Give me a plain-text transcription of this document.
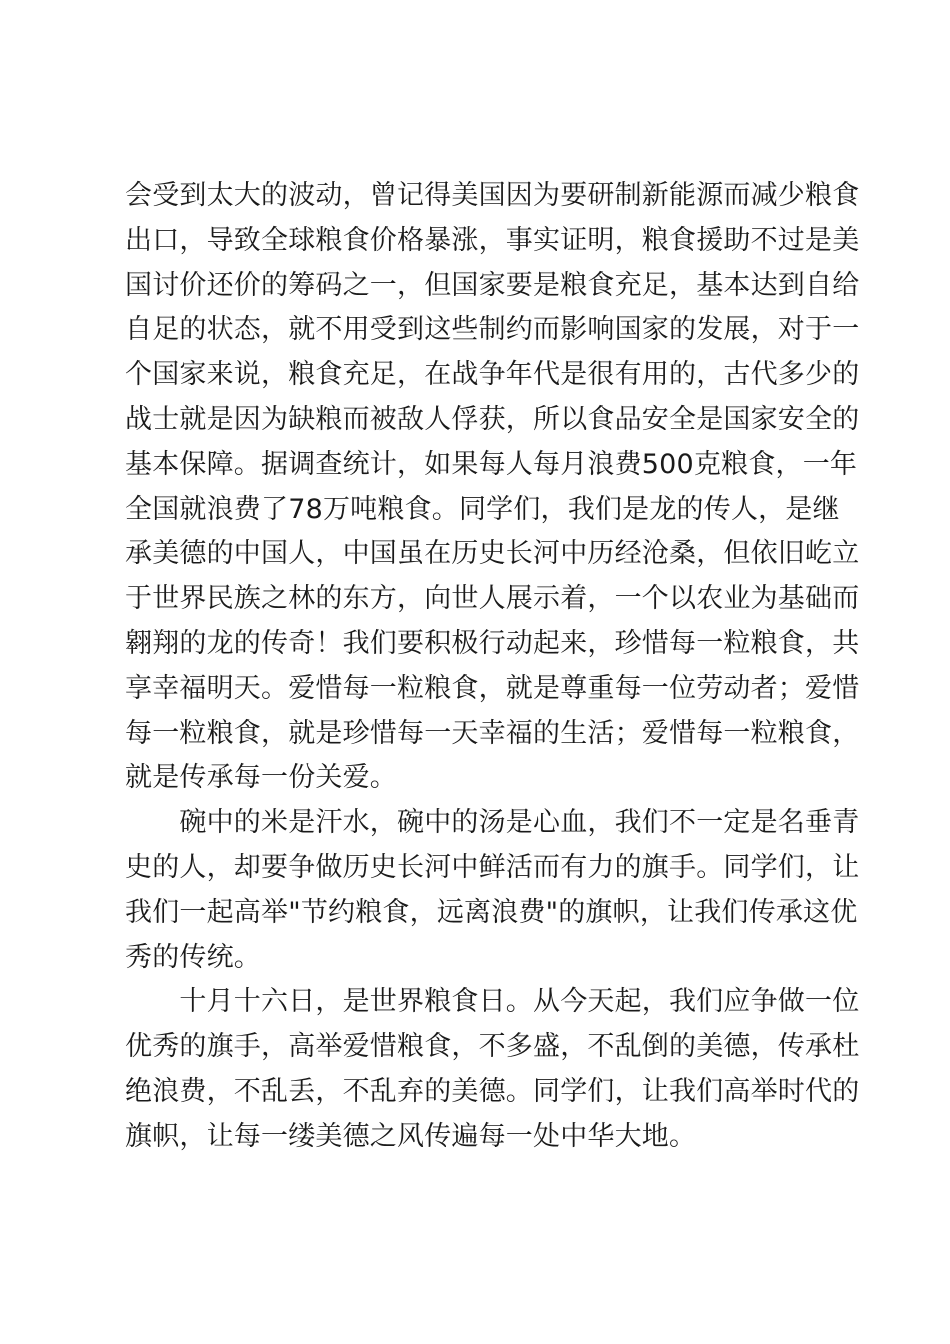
会受到太大的波动，曾记得美国因为要研制新能源而减少粮食
出口，导致全球粮食价格暴涨，事实证明，粮食援助不过是美
国讨价还价的筹码之一，但国家要是粮食充足，基本达到自给
自足的状态，就不用受到这些制约而影响国家的发展，对于一
个国家来说，粮食充足，在战争年代是很有用的，古代多少的
战士就是因为缺粮而被敌人俘获，所以食品安全是国家安全的
基本保障。据调查统计，如果每人每月浪费500克粮食，一年
全国就浪费了78万吨粮食。同学们，我们是龙的传人，是继
承美德的中国人，中国虽在历史长河中历经沧桑，但依旧屹立
于世界民族之林的东方，向世人展示着，一个以农业为基础而
翱翔的龙的传奇！我们要积极行动起来，珍惜每一粒粮食，共
享幸福明天。爱惜每一粒粮食，就是尊重每一位劳动者；爱惜
每一粒粮食，就是珍惜每一天幸福的生活；爱惜每一粒粮食，
就是传承每一份关爱。
　　碗中的米是汗水，碗中的汤是心血，我们不一定是名垂青
史的人，却要争做历史长河中鲜活而有力的旗手。同学们，让
我们一起高举"节约粮食，远离浪费"的旗帜，让我们传承这优
秀的传统。
　　十月十六日，是世界粮食日。从今天起，我们应争做一位
优秀的旗手，高举爱惜粮食，不多盛，不乱倒的美德，传承杜
绝浪费，不乱丢，不乱弃的美德。同学们，让我们高举时代的
旗帜，让每一缕美德之风传遍每一处中华大地。
